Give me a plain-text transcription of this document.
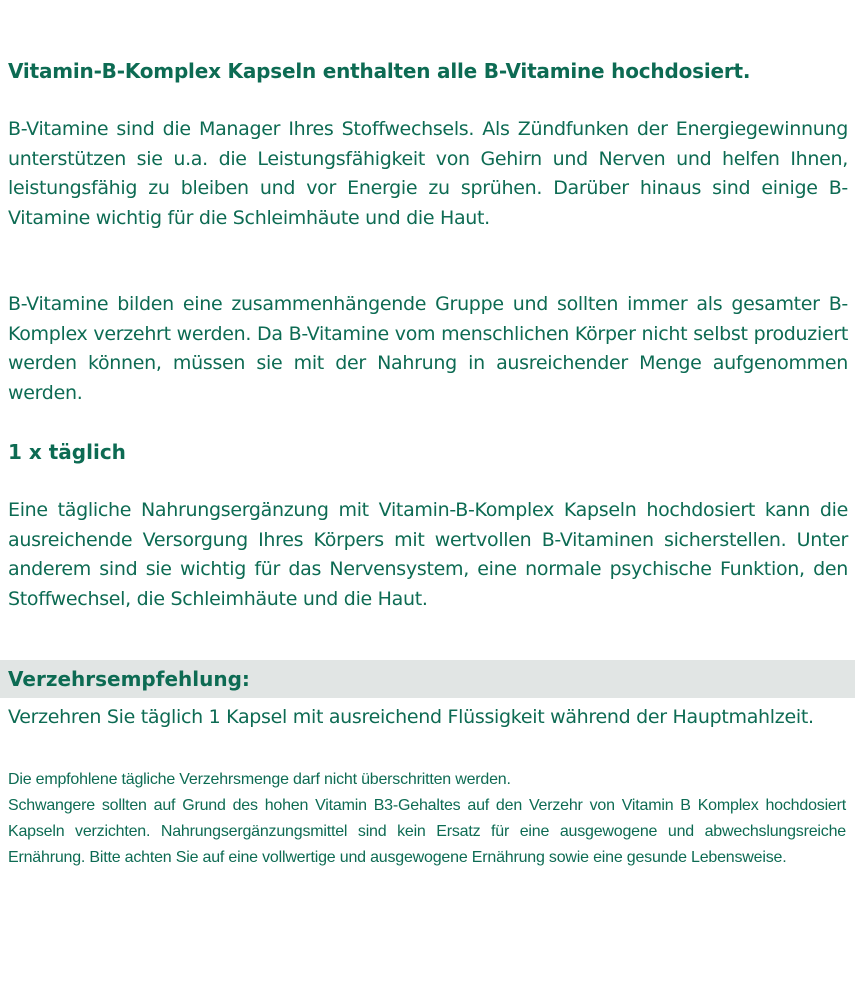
Vitamin-B-Komplex Kapseln enthalten alle B-Vitamine hochdosiert.
B-Vitamine sind die Manager Ihres Stoffwechsels. Als Zündfunken der Energiegewinnung unterstützen sie u.a. die Leistungsfähigkeit von Gehirn und Nerven und helfen Ihnen, leistungsfähig zu bleiben und vor Energie zu sprühen. Darüber hinaus sind einige B-Vitamine wichtig für die Schleimhäute und die Haut.
B-Vitamine bilden eine zusammenhängende Gruppe und sollten immer als gesamter B-Komplex verzehrt werden. Da B-Vitamine vom menschlichen Körper nicht selbst produziert werden können, müssen sie mit der Nahrung in ausreichender Menge aufgenommen werden.
1 x täglich
Eine tägliche Nahrungsergänzung mit Vitamin-B-Komplex Kapseln hochdosiert kann die ausreichende Versorgung Ihres Körpers mit wertvollen B-Vitaminen sicherstellen. Unter anderem sind sie wichtig für das Nervensystem, eine normale psychische Funktion, den Stoffwechsel, die Schleimhäute und die Haut.
Verzehrsempfehlung:
Verzehren Sie täglich 1 Kapsel mit ausreichend Flüssigkeit während der Hauptmahlzeit.
Die empfohlene tägliche Verzehrsmenge darf nicht überschritten werden.
Schwangere sollten auf Grund des hohen Vitamin B3-Gehaltes auf den Verzehr von Vitamin B Komplex hochdosiert Kapseln verzichten. Nahrungsergänzungsmittel sind kein Ersatz für eine ausgewogene und abwechslungsreiche Ernährung. Bitte achten Sie auf eine vollwertige und ausgewogene Ernährung sowie eine gesunde Lebensweise.
